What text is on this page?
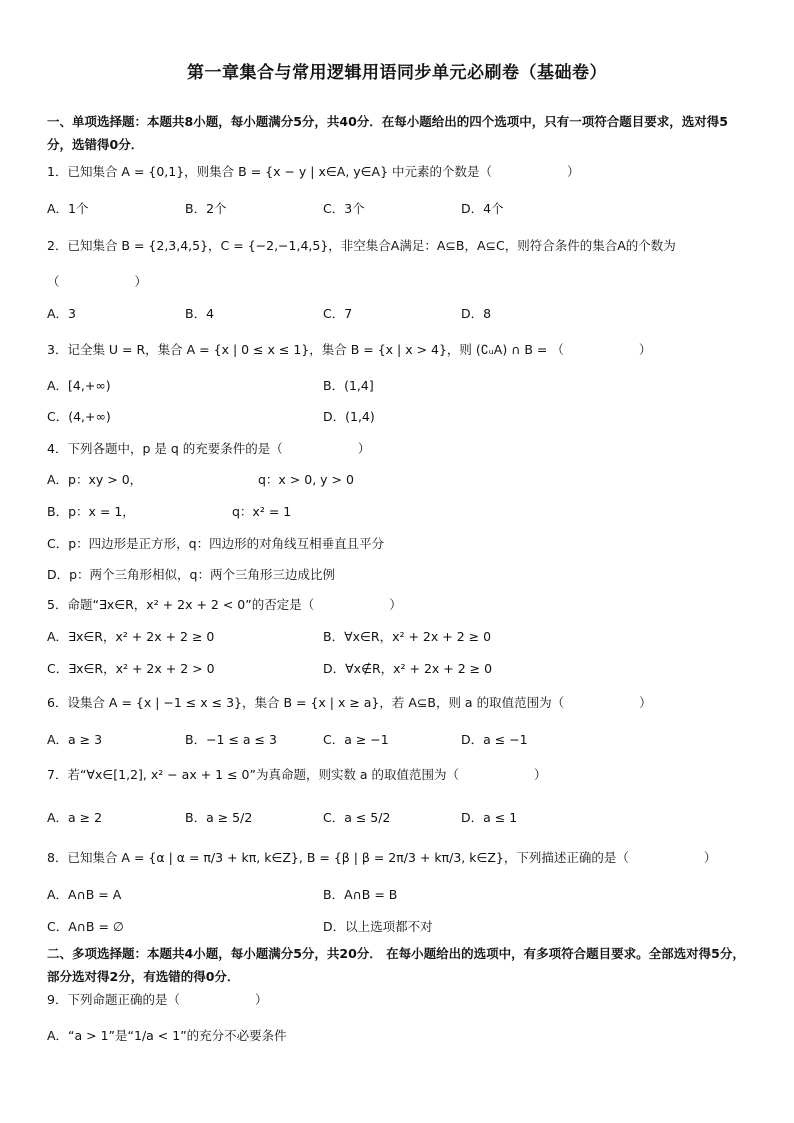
第一章集合与常用逻辑用语同步单元必刷卷（基础卷）
一、单项选择题：本题共8小题，每小题满分5分，共40分．在每小题给出的四个选项中，只有一项符合题目要求，选对得5分，选错得0分．
1．已知集合 A = {0,1}，则集合 B = {x − y | x∈A, y∈A} 中元素的个数是（　　　　　　）
A．1个	B．2个	C．3个	D．4个
2．已知集合 B = {2,3,4,5}，C = {−2,−1,4,5}，非空集合A满足：A⊆B，A⊆C，则符合条件的集合A的个数为
（　　　　　　）
A．3	B．4	C．7	D．8
3．记全集 U = R，集合 A = {x | 0 ≤ x ≤ 1}，集合 B = {x | x > 4}，则 (∁ᵤA) ∩ B = （　　　　　　）
A．[4,+∞)	B．(1,4]
C．(4,+∞)	D．(1,4)
4．下列各题中，p 是 q 的充要条件的是（　　　　　　）
A．p：xy > 0，	q：x > 0, y > 0
B．p：x = 1，	q：x² = 1
C．p：四边形是正方形，q：四边形的对角线互相垂直且平分
D．p：两个三角形相似，q：两个三角形三边成比例
5．命题“∃x∈R，x² + 2x + 2 < 0”的否定是（　　　　　　）
A．∃x∈R，x² + 2x + 2 ≥ 0	B．∀x∈R，x² + 2x + 2 ≥ 0
C．∃x∈R，x² + 2x + 2 > 0	D．∀x∉R，x² + 2x + 2 ≥ 0
6．设集合 A = {x | −1 ≤ x ≤ 3}，集合 B = {x | x ≥ a}，若 A⊆B，则 a 的取值范围为（　　　　　　）
A．a ≥ 3	B．−1 ≤ a ≤ 3	C．a ≥ −1	D．a ≤ −1
7．若“∀x∈[1,2], x² − ax + 1 ≤ 0”为真命题，则实数 a 的取值范围为（　　　　　　）
A．a ≥ 2	B．a ≥ 5/2	C．a ≤ 5/2	D．a ≤ 1
8．已知集合 A = {α | α = π/3 + kπ, k∈Z}, B = {β | β = 2π/3 + kπ/3, k∈Z}，下列描述正确的是（　　　　　　）
A．A∩B = A	B．A∩B = B
C．A∩B = ∅	D．以上选项都不对
二、多项选择题：本题共4小题，每小题满分5分，共20分． 在每小题给出的选项中，有多项符合题目要求。全部选对得5分，部分选对得2分，有选错的得0分．
9．下列命题正确的是（　　　　　　）
A．“a > 1”是“1/a < 1”的充分不必要条件
